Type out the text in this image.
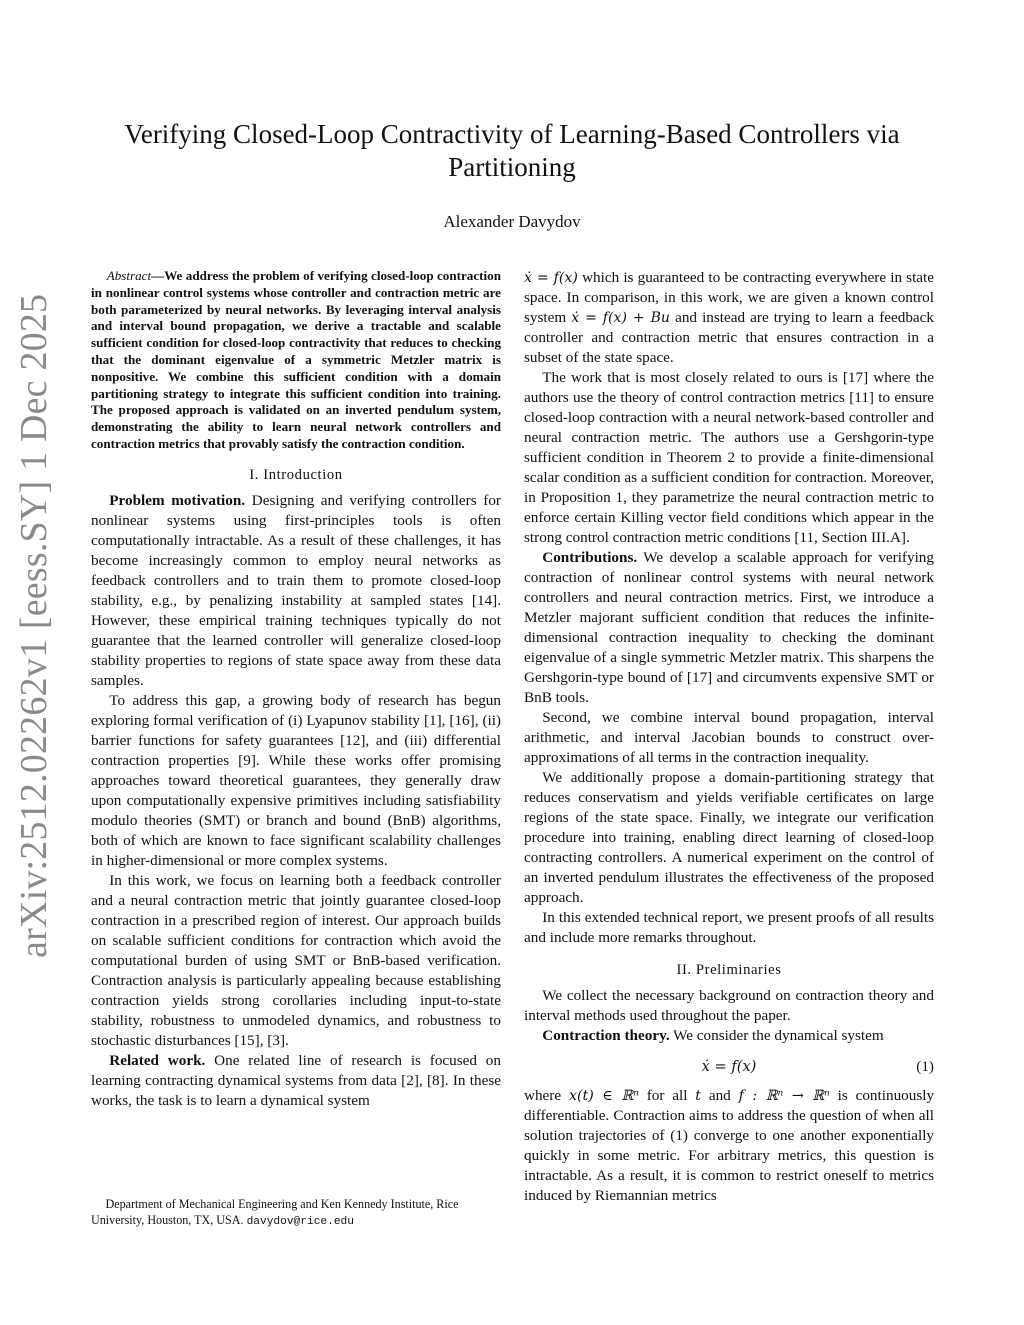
arXiv:2512.02262v1 [eess.SY] 1 Dec 2025
Verifying Closed-Loop Contractivity of Learning-Based Controllers via Partitioning
Alexander Davydov

Abstract—We address the problem of verifying closed-loop contraction in nonlinear control systems whose controller and contraction metric are both parameterized by neural networks. By leveraging interval analysis and interval bound propagation, we derive a tractable and scalable sufficient condition for closed-loop contractivity that reduces to checking that the dominant eigenvalue of a symmetric Metzler matrix is nonpositive. We combine this sufficient condition with a domain partitioning strategy to integrate this sufficient condition into training. The proposed approach is validated on an inverted pendulum system, demonstrating the ability to learn neural network controllers and contraction metrics that provably satisfy the contraction condition.

I. Introduction

Problem motivation. Designing and verifying controllers for nonlinear systems using first-principles tools is often computationally intractable. As a result of these challenges, it has become increasingly common to employ neural networks as feedback controllers and to train them to promote closed-loop stability, e.g., by penalizing instability at sampled states [14]. However, these empirical training techniques typically do not guarantee that the learned controller will generalize closed-loop stability properties to regions of state space away from these data samples.

To address this gap, a growing body of research has begun exploring formal verification of (i) Lyapunov stability [1], [16], (ii) barrier functions for safety guarantees [12], and (iii) differential contraction properties [9]. While these works offer promising approaches toward theoretical guarantees, they generally draw upon computationally expensive primitives including satisfiability modulo theories (SMT) or branch and bound (BnB) algorithms, both of which are known to face significant scalability challenges in higher-dimensional or more complex systems.

In this work, we focus on learning both a feedback controller and a neural contraction metric that jointly guarantee closed-loop contraction in a prescribed region of interest. Our approach builds on scalable sufficient conditions for contraction which avoid the computational burden of using SMT or BnB-based verification. Contraction analysis is particularly appealing because establishing contraction yields strong corollaries including input-to-state stability, robustness to unmodeled dynamics, and robustness to stochastic disturbances [15], [3].

Related work. One related line of research is focused on learning contracting dynamical systems from data [2], [8]. In these works, the task is to learn a dynamical system

Department of Mechanical Engineering and Ken Kennedy Institute, Rice University, Houston, TX, USA. davydov@rice.edu

ẋ = f(x) which is guaranteed to be contracting everywhere in state space. In comparison, in this work, we are given a known control system ẋ = f(x) + Bu and instead are trying to learn a feedback controller and contraction metric that ensures contraction in a subset of the state space.

The work that is most closely related to ours is [17] where the authors use the theory of control contraction metrics [11] to ensure closed-loop contraction with a neural network-based controller and neural contraction metric. The authors use a Gershgorin-type sufficient condition in Theorem 2 to provide a finite-dimensional scalar condition as a sufficient condition for contraction. Moreover, in Proposition 1, they parametrize the neural contraction metric to enforce certain Killing vector field conditions which appear in the strong control contraction metric conditions [11, Section III.A].

Contributions. We develop a scalable approach for verifying contraction of nonlinear control systems with neural network controllers and neural contraction metrics. First, we introduce a Metzler majorant sufficient condition that reduces the infinite-dimensional contraction inequality to checking the dominant eigenvalue of a single symmetric Metzler matrix. This sharpens the Gershgorin-type bound of [17] and circumvents expensive SMT or BnB tools.

Second, we combine interval bound propagation, interval arithmetic, and interval Jacobian bounds to construct over-approximations of all terms in the contraction inequality.

We additionally propose a domain-partitioning strategy that reduces conservatism and yields verifiable certificates on large regions of the state space. Finally, we integrate our verification procedure into training, enabling direct learning of closed-loop contracting controllers. A numerical experiment on the control of an inverted pendulum illustrates the effectiveness of the proposed approach.

In this extended technical report, we present proofs of all results and include more remarks throughout.

II. Preliminaries

We collect the necessary background on contraction theory and interval methods used throughout the paper.

Contraction theory. We consider the dynamical system

ẋ = f(x)	(1)

where x(t) ∈ ℝⁿ for all t and f : ℝⁿ → ℝⁿ is continuously differentiable. Contraction aims to address the question of when all solution trajectories of (1) converge to one another exponentially quickly in some metric. For arbitrary metrics, this question is intractable. As a result, it is common to restrict oneself to metrics induced by Riemannian metrics
